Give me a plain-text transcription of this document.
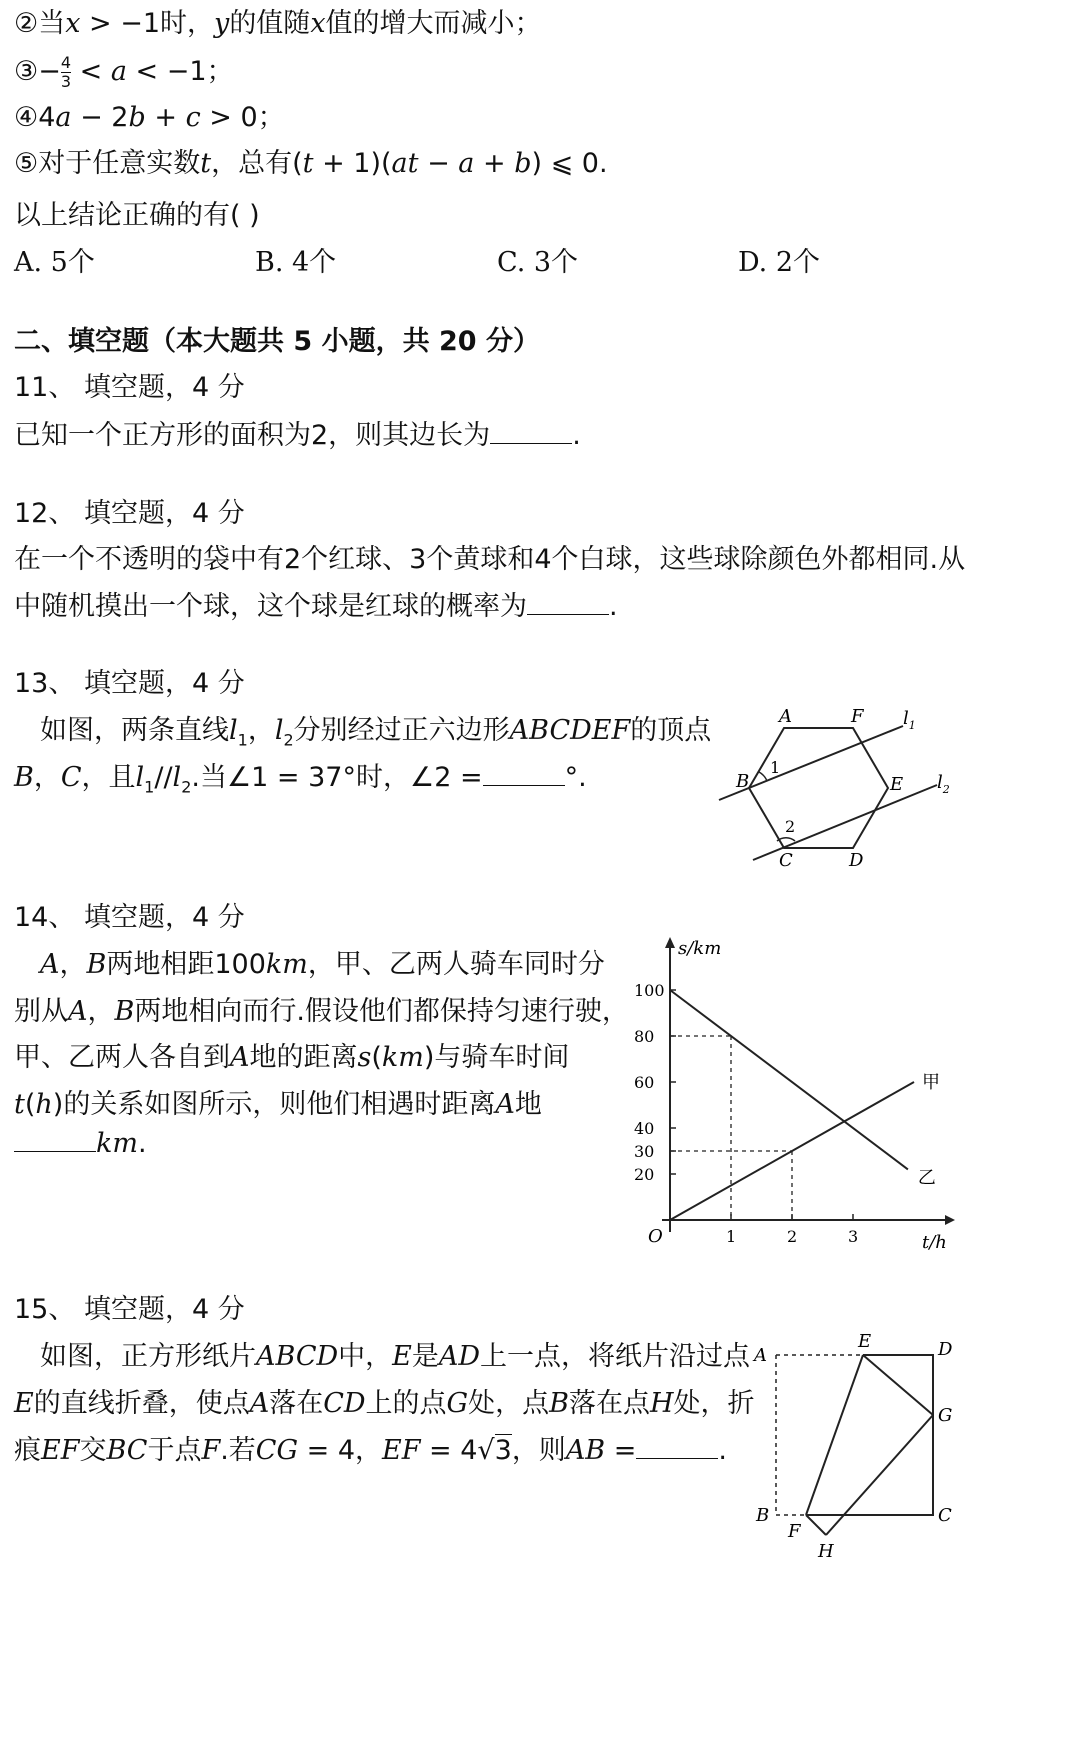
②当x > −1时，y的值随x值的增大而减小；
③− $\frac{4}{3} < a < -1$；
④4a − 2b + c > 0；
⑤对于任意实数t，总有(t + 1)(at − a + b) ⩽ 0.
以上结论正确的有( )
A. 5个	B. 4个	C. 3个	D. 2个
二、填空题（本大题共 5 小题，共 20 分）
11、 填空题，4 分
已知一个正方形的面积为2，则其边长为	.
12、 填空题，4 分
在一个不透明的袋中有2个红球、3个黄球和4个白球，这些球除颜色外都相同.从
中随机摸出一个球，这个球是红球的概率为	.
13、 填空题，4 分
如图，两条直线$l_1$，$l_2$分别经过正六边形ABCDEF的顶点
B，C，且$l_1//l_2$.当∠1 = 37°时，∠2 =	°.
A	F $l_1$
B
1
E $l_2$
2
C	D
14、 填空题，4 分
A，B两地相距100km，甲、乙两人骑车同时分
别从A，B两地相向而行.假设他们都保持匀速行驶，
甲、乙两人各自到A地的距离s(km)与骑车时间
t(h)的关系如图所示，则他们相遇时距离A地
km.
s/km
t/h
O	1	2	3
100
80
60
40
30
20
甲
乙
15、 填空题，4 分
如图，正方形纸片ABCD中，E是AD上一点，将纸片沿过点
E的直线折叠，使点A落在CD上的点G处，点B落在点H处，折
痕EF交BC于点F.若CG = 4，EF = 4√3，则AB =	.
A
E	D
G
B	C
F
H
